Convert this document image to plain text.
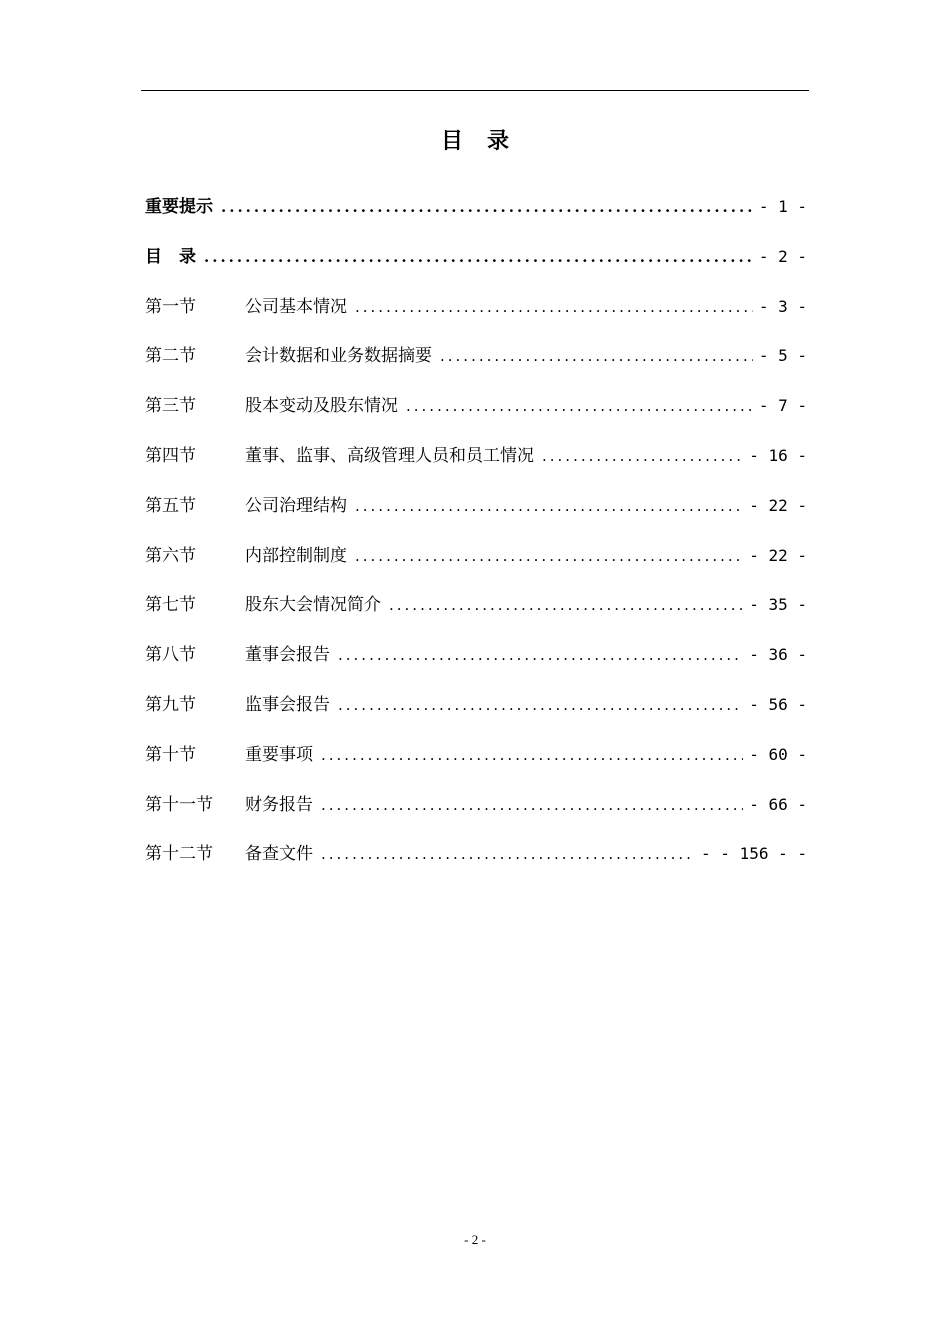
目录
重要提示 .....	- 1 -
目　录 .....	- 2 -
第一节	公司基本情况 .....	- 3 -
第二节	会计数据和业务数据摘要 .....	- 5 -
第三节	股本变动及股东情况 .....	- 7 -
第四节	董事、监事、高级管理人员和员工情况 .....	- 16 -
第五节	公司治理结构 .....	- 22 -
第六节	内部控制制度 .....	- 22 -
第七节	股东大会情况简介 .....	- 35 -
第八节	董事会报告 .....	- 36 -
第九节	监事会报告 .....	- 56 -
第十节	重要事项 .....	- 60 -
第十一节	财务报告 .....	- 66 -
第十二节	备查文件 .....	- - 156 - -
- 2 -
